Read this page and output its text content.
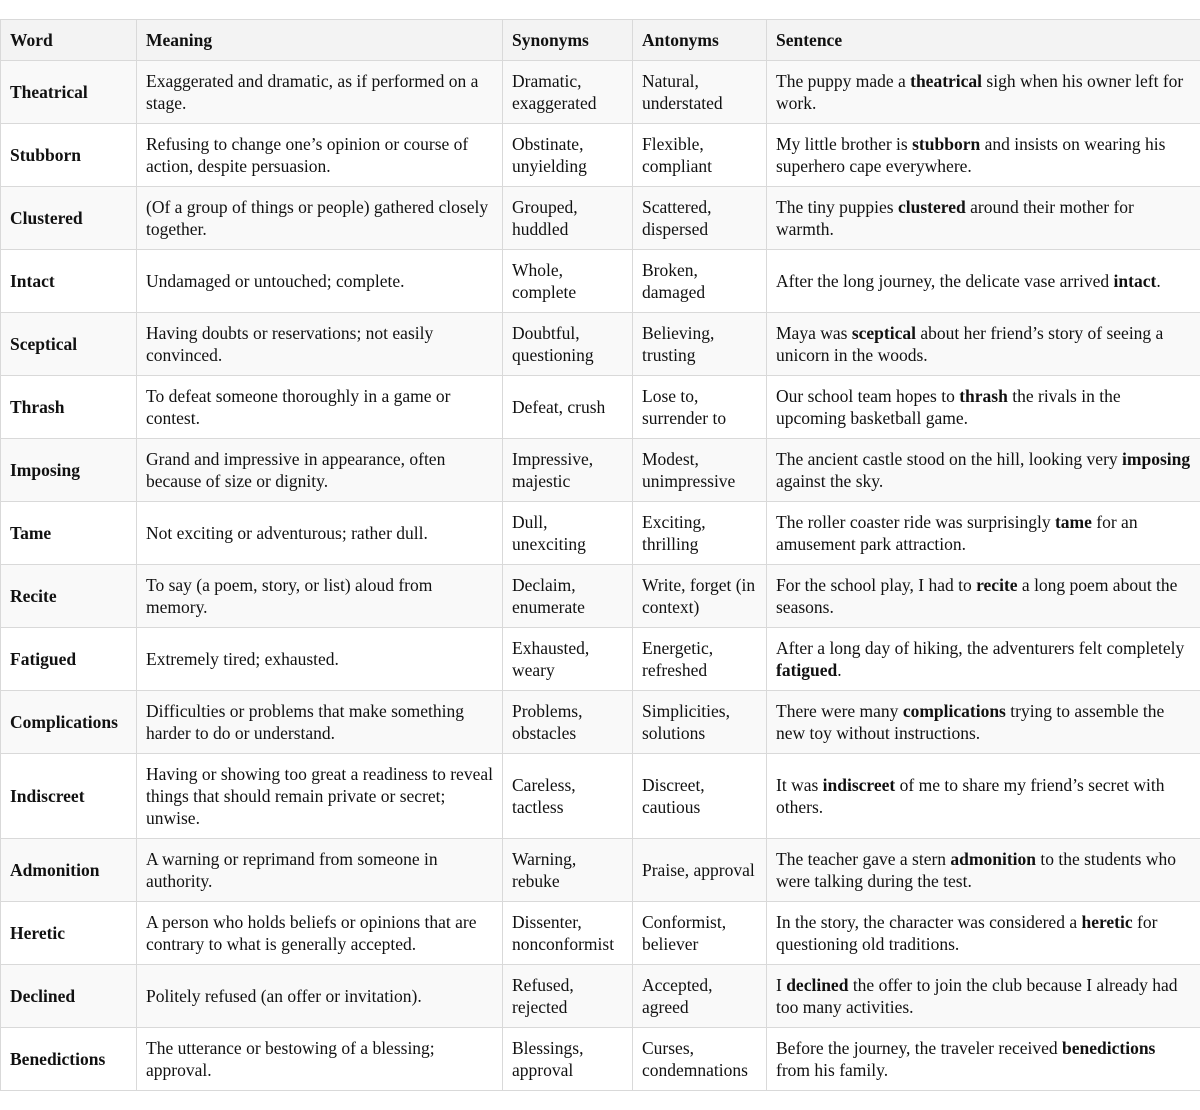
Word	Meaning	Synonyms	Antonyms	Sentence
Theatrical	Exaggerated and dramatic, as if performed on a stage.	Dramatic, exaggerated	Natural, understated	The puppy made a theatrical sigh when his owner left for work.
Stubborn	Refusing to change one’s opinion or course of action, despite persuasion.	Obstinate, unyielding	Flexible, compliant	My little brother is stubborn and insists on wearing his superhero cape everywhere.
Clustered	(Of a group of things or people) gathered closely together.	Grouped, huddled	Scattered, dispersed	The tiny puppies clustered around their mother for warmth.
Intact	Undamaged or untouched; complete.	Whole, complete	Broken, damaged	After the long journey, the delicate vase arrived intact.
Sceptical	Having doubts or reservations; not easily convinced.	Doubtful, questioning	Believing, trusting	Maya was sceptical about her friend’s story of seeing a unicorn in the woods.
Thrash	To defeat someone thoroughly in a game or contest.	Defeat, crush	Lose to, surrender to	Our school team hopes to thrash the rivals in the upcoming basketball game.
Imposing	Grand and impressive in appearance, often because of size or dignity.	Impressive, majestic	Modest, unimpressive	The ancient castle stood on the hill, looking very imposing against the sky.
Tame	Not exciting or adventurous; rather dull.	Dull, unexciting	Exciting, thrilling	The roller coaster ride was surprisingly tame for an amusement park attraction.
Recite	To say (a poem, story, or list) aloud from memory.	Declaim, enumerate	Write, forget (in context)	For the school play, I had to recite a long poem about the seasons.
Fatigued	Extremely tired; exhausted.	Exhausted, weary	Energetic, refreshed	After a long day of hiking, the adventurers felt completely fatigued.
Complications	Difficulties or problems that make something harder to do or understand.	Problems, obstacles	Simplicities, solutions	There were many complications trying to assemble the new toy without instructions.
Indiscreet	Having or showing too great a readiness to reveal things that should remain private or secret; unwise.	Careless, tactless	Discreet, cautious	It was indiscreet of me to share my friend’s secret with others.
Admonition	A warning or reprimand from someone in authority.	Warning, rebuke	Praise, approval	The teacher gave a stern admonition to the students who were talking during the test.
Heretic	A person who holds beliefs or opinions that are contrary to what is generally accepted.	Dissenter, nonconformist	Conformist, believer	In the story, the character was considered a heretic for questioning old traditions.
Declined	Politely refused (an offer or invitation).	Refused, rejected	Accepted, agreed	I declined the offer to join the club because I already had too many activities.
Benedictions	The utterance or bestowing of a blessing; approval.	Blessings, approval	Curses, condemnations	Before the journey, the traveler received benedictions from his family.
